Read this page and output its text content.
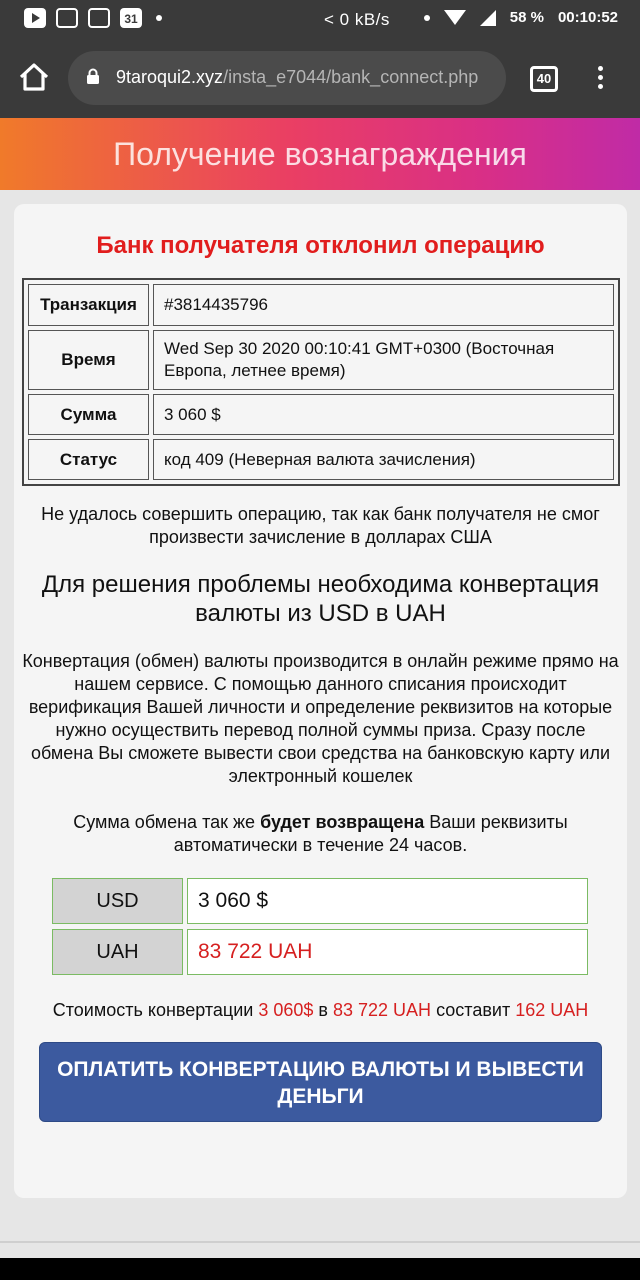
31	< 0 kB/s	58 % 00:10:52
9taroqui2.xyz/insta_e7044/bank_connect.php	40
Получение вознаграждения
Банк получателя отклонил операцию
Транзакция	#3814435796
Время	Wed Sep 30 2020 00:10:41 GMT+0300 (Восточная Европа, летнее время)
Сумма	3 060 $
Статус	код 409 (Неверная валюта зачисления)
Не удалось совершить операцию, так как банк получателя не смог произвести зачисление в долларах США
Для решения проблемы необходима конвертация валюты из USD в UAH
Конвертация (обмен) валюты производится в онлайн режиме прямо на нашем сервисе. С помощью данного списания происходит верификация Вашей личности и определение реквизитов на которые нужно осуществить перевод полной суммы приза. Сразу после обмена Вы сможете вывести свои средства на банковскую карту или электронный кошелек
Сумма обмена так же будет возвращена Ваши реквизиты автоматически в течение 24 часов.
USD	3 060 $
UAH	83 722 UAH
Стоимость конвертации 3 060$ в 83 722 UAH составит 162 UAH
ОПЛАТИТЬ КОНВЕРТАЦИЮ ВАЛЮТЫ И ВЫВЕСТИ ДЕНЬГИ
